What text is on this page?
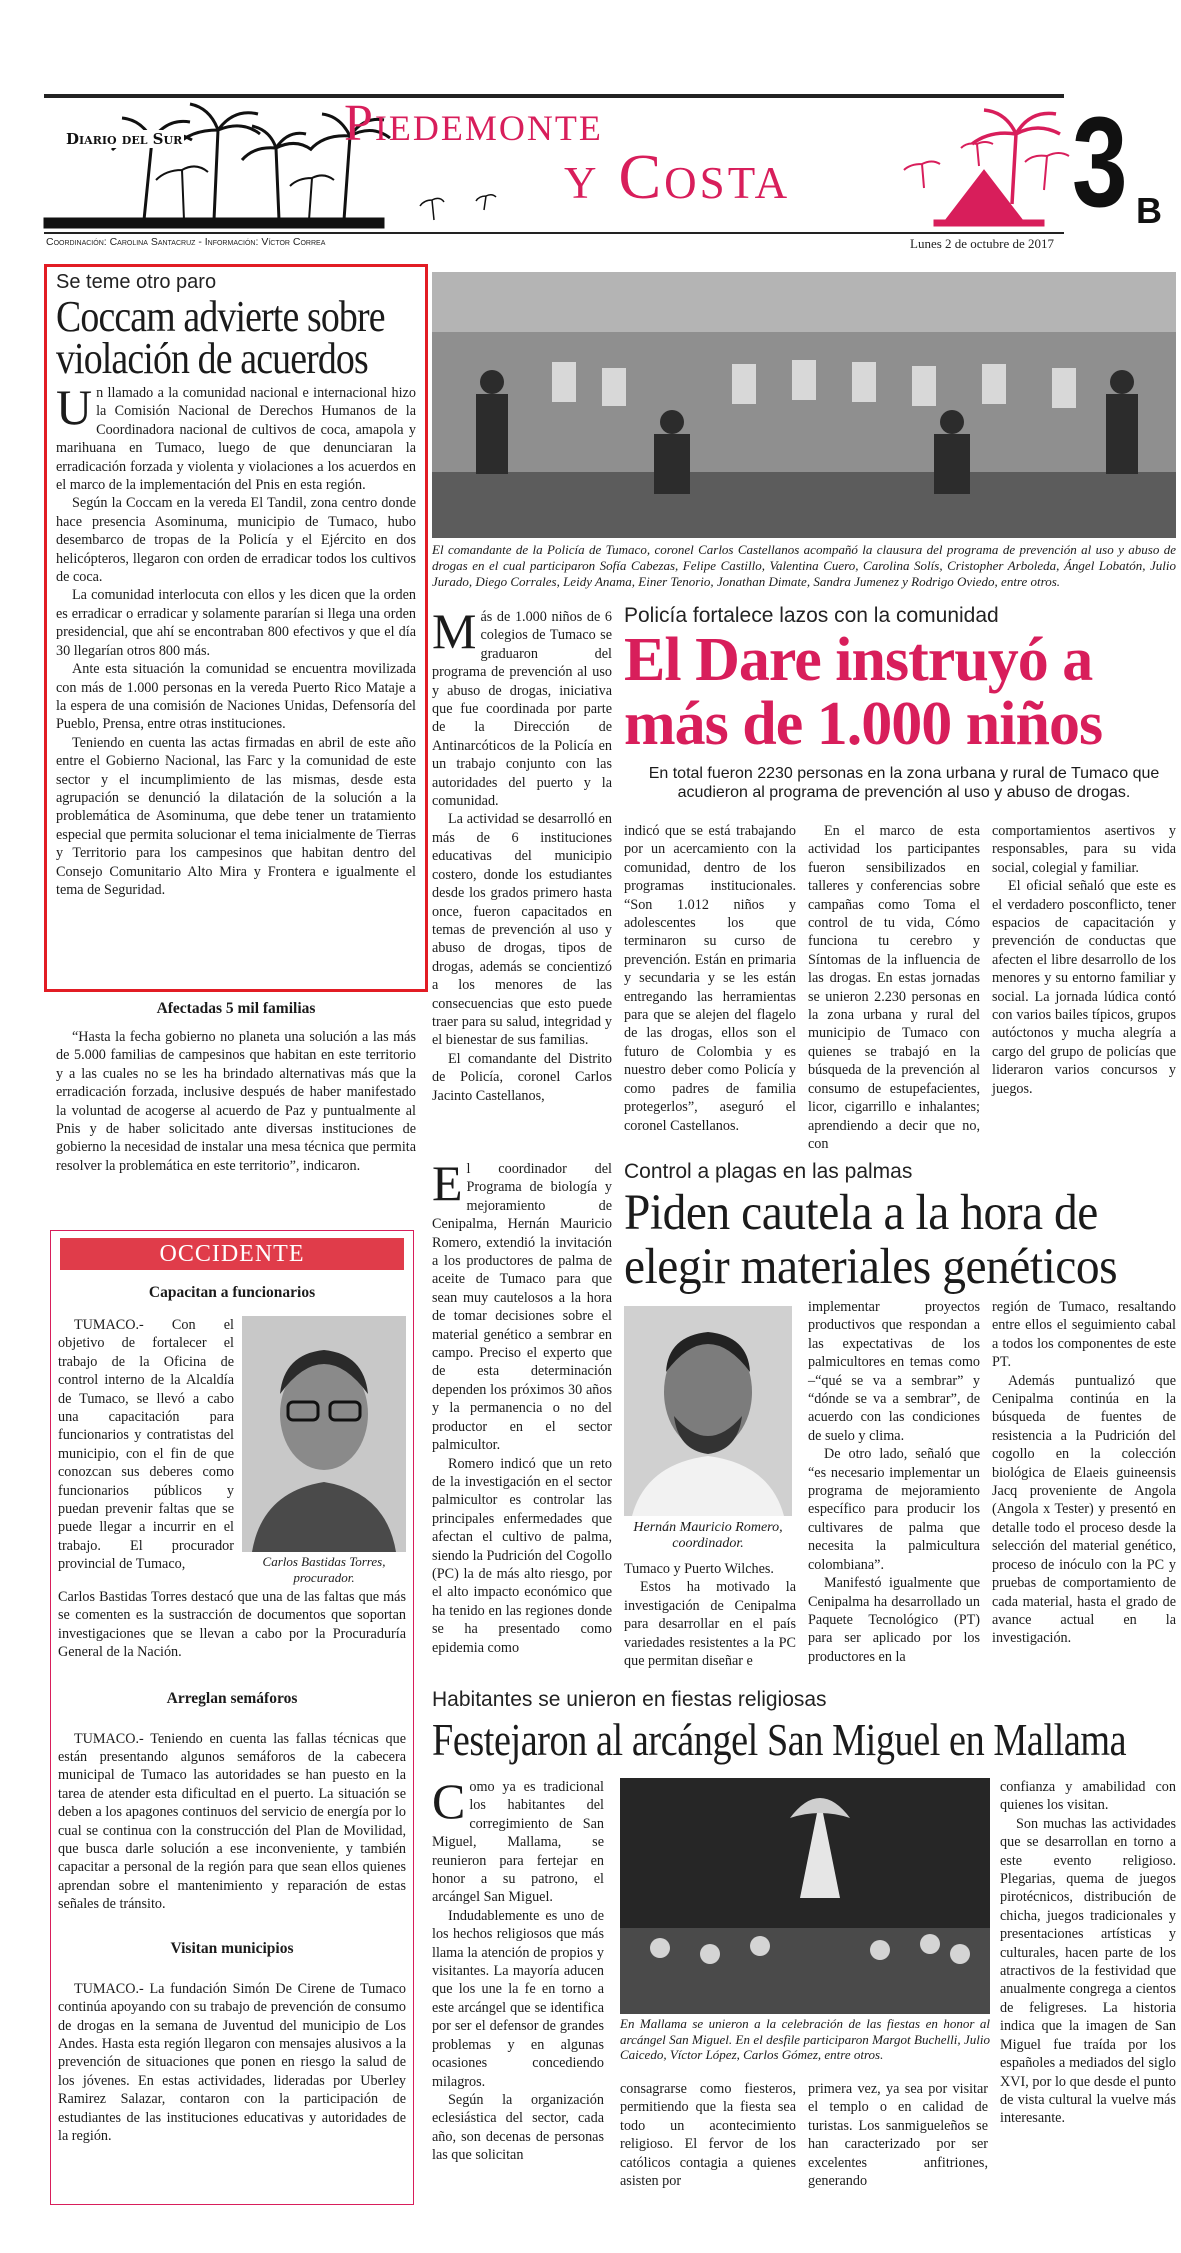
Diario del Sur	Piedemonte
y Costa 3 B
Coordinación: Carolina Santacruz - Información: Víctor Correa	Lunes 2 de octubre de 2017
Se teme otro paro
Coccam advierte sobre violación de acuerdos

Un llamado a la comunidad nacional e internacional hizo la Comisión Nacional de Derechos Humanos de la Coordinadora nacional de cultivos de coca, amapola y marihuana en Tumaco, luego de que denunciaran la erradicación forzada y violenta y violaciones a los acuerdos en el marco de la implementación del Pnis en esta región.

Según la Coccam en la vereda El Tandil, zona centro donde hace presencia Asominuma, municipio de Tumaco, hubo desembarco de tropas de la Policía y el Ejército en dos helicópteros, llegaron con orden de erradicar todos los cultivos de coca.

La comunidad interlocuta con ellos y les dicen que la orden es erradicar o erradicar y solamente pararían si llega una orden presidencial, que ahí se encontraban 800 efectivos y que el día 30 llegarían otros 800 más.

Ante esta situación la comunidad se encuentra movilizada con más de 1.000 personas en la vereda Puerto Rico Mataje a la espera de una comisión de Naciones Unidas, Defensoría del Pueblo, Prensa, entre otras instituciones.

Teniendo en cuenta las actas firmadas en abril de este año entre el Gobierno Nacional, las Farc y la comunidad de este sector y el incumplimiento de las mismas, desde esta agrupación se denunció la dilatación de la solución a la problemática de Asominuma, que debe tener un tratamiento especial que permita solucionar el tema inicialmente de Tierras y Territorio para los campesinos que habitan dentro del Consejo Comunitario Alto Mira y Frontera e igualmente el tema de Seguridad.

Afectadas 5 mil familias

“Hasta la fecha gobierno no planeta una solución a las más de 5.000 familias de campesinos que habitan en este territorio y a las cuales no se les ha brindado alternativas más que la erradicación forzada, inclusive después de haber manifestado la voluntad de acogerse al acuerdo de Paz y puntualmente al Pnis y de haber solicitado ante diversas instituciones de gobierno la necesidad de instalar una mesa técnica que permita resolver la problemática en este territorio”, indicaron.

OCCIDENTE
Capacitan a funcionarios

TUMACO.- Con el objetivo de fortalecer el trabajo de la Oficina de control interno de la Alcaldía de Tumaco, se llevó a cabo una capacitación para funcionarios y contratistas del municipio, con el fin de que conozcan sus deberes como funcionarios públicos y puedan prevenir faltas que se puede llegar a incurrir en el trabajo. El procurador provincial de Tumaco,	Carlos Bastidas Torres, procurador.

Carlos Bastidas Torres destacó que una de las faltas que más se comenten es la sustracción de documentos que soportan investigaciones que se llevan a cabo por la Procuraduría General de la Nación.

Arreglan semáforos

TUMACO.- Teniendo en cuenta las fallas técnicas que están presentando algunos semáforos de la cabecera municipal de Tumaco las autoridades se han puesto en la tarea de atender esta dificultad en el puerto. La situación se deben a los apagones continuos del servicio de energía por lo cual se continua con la construcción del Plan de Movilidad, que busca darle solución a ese inconveniente, y también capacitar a personal de la región para que sean ellos quienes aprendan sobre el mantenimiento y reparación de estas señales de tránsito.

Visitan municipios

TUMACO.- La fundación Simón De Cirene de Tumaco continúa apoyando con su trabajo de prevención de consumo de drogas en la semana de Juventud del municipio de Los Andes. Hasta esta región llegaron con mensajes alusivos a la prevención de situaciones que ponen en riesgo la salud de los jóvenes. En estas actividades, lideradas por Uberley Ramirez Salazar, contaron con la participación de estudiantes de las instituciones educativas y autoridades de la región.

El comandante de la Policía de Tumaco, coronel Carlos Castellanos acompañó la clausura del programa de prevención al uso y abuso de drogas en el cual participaron Sofía Cabezas, Felipe Castillo, Valentina Cuero, Carolina Solís, Cristopher Arboleda, Ángel Lobatón, Julio Jurado, Diego Corrales, Leidy Anama, Einer Tenorio, Jonathan Dimate, Sandra Jumenez y Rodrigo Oviedo, entre otros.

Más de 1.000 niños de 6 colegios de Tumaco se graduaron del programa de prevención al uso y abuso de drogas, iniciativa que fue coordinada por parte de la Dirección de Antinarcóticos de la Policía en un trabajo conjunto con las autoridades del puerto y la comunidad.

La actividad se desarrolló en más de 6 instituciones educativas del municipio costero, donde los estudiantes desde los grados primero hasta once, fueron capacitados en temas de prevención al uso y abuso de drogas, tipos de drogas, además se concientizó a los menores de las consecuencias que esto puede traer para su salud, integridad y el bienestar de sus familias.

El comandante del Distrito de Policía, coronel Carlos Jacinto Castellanos,

Policía fortalece lazos con la comunidad
El Dare instruyó a más de 1.000 niños
En total fueron 2230 personas en la zona urbana y rural de Tumaco que acudieron al programa de prevención al uso y abuso de drogas.

indicó que se está trabajando por un acercamiento con la comunidad, dentro de los programas institucionales. “Son 1.012 niños y adolescentes los que terminaron su curso de prevención. Están en primaria y secundaria y se les están entregando las herramientas para que se alejen del flagelo de las drogas, ellos son el futuro de Colombia y es nuestro deber como Policía y como padres de familia protegerlos”, aseguró el coronel Castellanos.

En el marco de esta actividad los participantes fueron sensibilizados en talleres y conferencias sobre campañas como Toma el control de tu vida, Cómo funciona tu cerebro y Síntomas de la influencia de las drogas. En estas jornadas se unieron 2.230 personas en la zona urbana y rural del municipio de Tumaco con quienes se trabajó en la búsqueda de la prevención al consumo de estupefacientes, licor, cigarrillo e inhalantes; aprendiendo a decir que no, con

comportamientos asertivos y responsables, para su vida social, colegial y familiar.

El oficial señaló que este es el verdadero posconflicto, tener espacios de capacitación y prevención de conductas que afecten el libre desarrollo de los menores y su entorno familiar y social. La jornada lúdica contó con varios bailes típicos, grupos autóctonos y mucha alegría a cargo del grupo de policías que lideraron varios concursos y juegos.

El coordinador del Programa de biología y mejoramiento de Cenipalma, Hernán Mauricio Romero, extendió la invitación a los productores de palma de aceite de Tumaco para que sean muy cautelosos a la hora de tomar decisiones sobre el material genético a sembrar en campo. Preciso el experto que de esta determinación dependen los próximos 30 años y la permanencia o no del productor en el sector palmicultor.

Romero indicó que un reto de la investigación en el sector palmicultor es controlar las principales enfermedades que afectan el cultivo de palma, siendo la Pudrición del Cogollo (PC) la de más alto riesgo, por el alto impacto económico que ha tenido en las regiones donde se ha presentado como epidemia como

Control a plagas en las palmas
Piden cautela a la hora de elegir materiales genéticos
Hernán Mauricio Romero, coordinador.

Tumaco y Puerto Wilches.

Estos ha motivado la investigación de Cenipalma para desarrollar en el país variedades resistentes a la PC que permitan diseñar e

implementar proyectos productivos que respondan a las expectativas de los palmicultores en temas como –“qué se va a sembrar” y “dónde se va a sembrar”, de acuerdo con las condiciones de suelo y clima.

De otro lado, señaló que “es necesario implementar un programa de mejoramiento específico para producir los cultivares de palma que necesita la palmicultura colombiana”.

Manifestó igualmente que Cenipalma ha desarrollado un Paquete Tecnológico (PT) para ser aplicado por los productores en la

región de Tumaco, resaltando entre ellos el seguimiento cabal a todos los componentes de este PT.

Además puntualizó que Cenipalma continúa en la búsqueda de fuentes de resistencia a la Pudrición del cogollo en la colección biológica de Elaeis guineensis Jacq proveniente de Angola (Angola x Tester) y presentó en detalle todo el proceso desde la selección del material genético, proceso de inóculo con la PC y pruebas de comportamiento de cada material, hasta el grado de avance actual en la investigación.

Habitantes se unieron en fiestas religiosas
Festejaron al arcángel San Miguel en Mallama

Como ya es tradicional los habitantes del corregimiento de San Miguel, Mallama, se reunieron para fertejar en honor a su patrono, el arcángel San Miguel.

Indudablemente es uno de los hechos religiosos que más llama la atención de propios y visitantes. La mayoría aducen que los une la fe en torno a este arcángel que se identifica por ser el defensor de grandes problemas y en algunas ocasiones concediendo milagros.

Según la organización eclesiástica del sector, cada año, son decenas de personas las que solicitan

En Mallama se unieron a la celebración de las fiestas en honor al arcángel San Miguel. En el desfile participaron Margot Buchelli, Julio Caicedo, Víctor López, Carlos Gómez, entre otros.

consagrarse como fiesteros, permitiendo que la fiesta sea todo un acontecimiento religioso. El fervor de los católicos contagia a quienes asisten por

primera vez, ya sea por visitar el templo o en calidad de turistas. Los sanmigueleños se han caracterizado por ser excelentes anfitriones, generando

confianza y amabilidad con quienes los visitan.

Son muchas las actividades que se desarrollan en torno a este evento religioso. Plegarias, quema de juegos pirotécnicos, distribución de chicha, juegos tradicionales y presentaciones artísticas y culturales, hacen parte de los atractivos de la festividad que anualmente congrega a cientos de feligreses. La historia indica que la imagen de San Miguel fue traída por los españoles a mediados del siglo XVI, por lo que desde el punto de vista cultural la vuelve más interesante.
